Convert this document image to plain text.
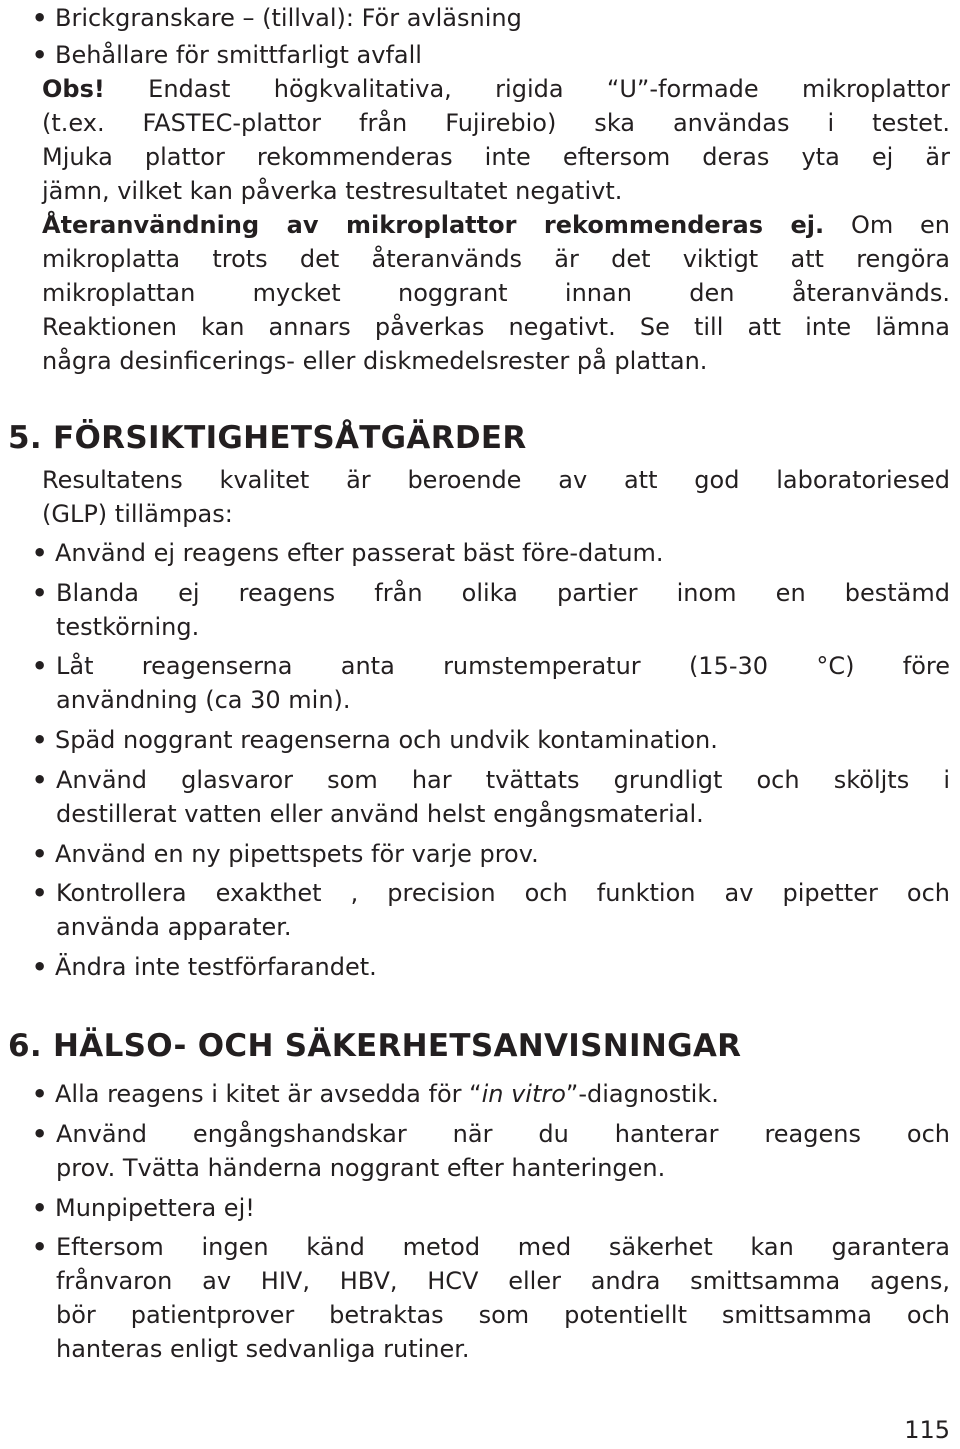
• Brickgranskare – (tillval): För avläsning
• Behållare för smittfarligt avfall
Obs! Endast högkvalitativa, rigida “U”-formade mikroplattor
(t.ex. FASTEC-plattor från Fujirebio) ska användas i testet.
Mjuka plattor rekommenderas inte eftersom deras yta ej är
jämn, vilket kan påverka testresultatet negativt.
Återanvändning av mikroplattor rekommenderas ej. Om en
mikroplatta trots det återanvänds är det viktigt att rengöra
mikroplattan mycket noggrant innan den återanvänds.
Reaktionen kan annars påverkas negativt. Se till att inte lämna
några desinficerings- eller diskmedelsrester på plattan.
5. FÖRSIKTIGHETSÅTGÄRDER
Resultatens kvalitet är beroende av att god laboratoriesed
(GLP) tillämpas:
• Använd ej reagens efter passerat bäst före-datum.
• Blanda ej reagens från olika partier inom en bestämd
testkörning.
• Låt reagenserna anta rumstemperatur (15-30 °C) före
användning (ca 30 min).
• Späd noggrant reagenserna och undvik kontamination.
• Använd glasvaror som har tvättats grundligt och sköljts i
destillerat vatten eller använd helst engångsmaterial.
• Använd en ny pipettspets för varje prov.
• Kontrollera exakthet , precision och funktion av pipetter och
använda apparater.
• Ändra inte testförfarandet.
6. HÄLSO- OCH SÄKERHETSANVISNINGAR
• Alla reagens i kitet är avsedda för “in vitro”-diagnostik.
• Använd engångshandskar när du hanterar reagens och
prov. Tvätta händerna noggrant efter hanteringen.
• Munpipettera ej!
• Eftersom ingen känd metod med säkerhet kan garantera
frånvaron av HIV, HBV, HCV eller andra smittsamma agens,
bör patientprover betraktas som potentiellt smittsamma och
hanteras enligt sedvanliga rutiner.
115
